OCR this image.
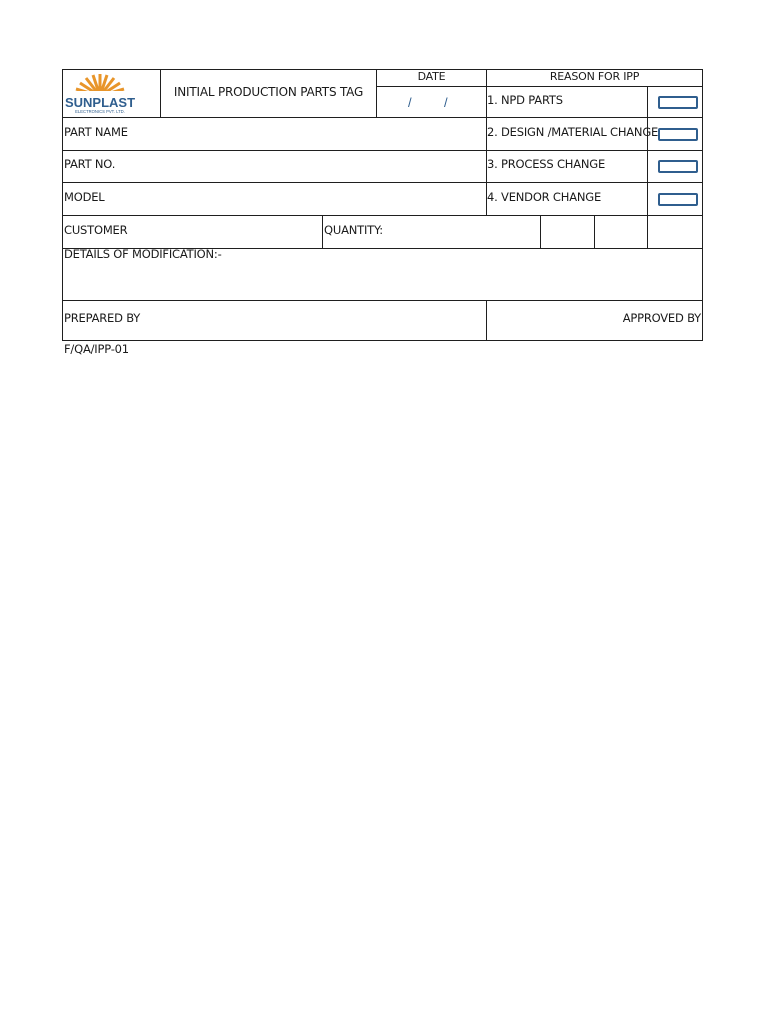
SUNPLAST
ELECTRONICS PVT. LTD.
INITIAL PRODUCTION PARTS TAG
DATE
/ /
REASON FOR IPP
1. NPD PARTS
2. DESIGN /MATERIAL CHANGE
3. PROCESS CHANGE
4. VENDOR CHANGE
PART NAME
PART NO.
MODEL
CUSTOMER	QUANTITY:
DETAILS OF MODIFICATION:-
PREPARED BY	APPROVED BY
F/QA/IPP-01
